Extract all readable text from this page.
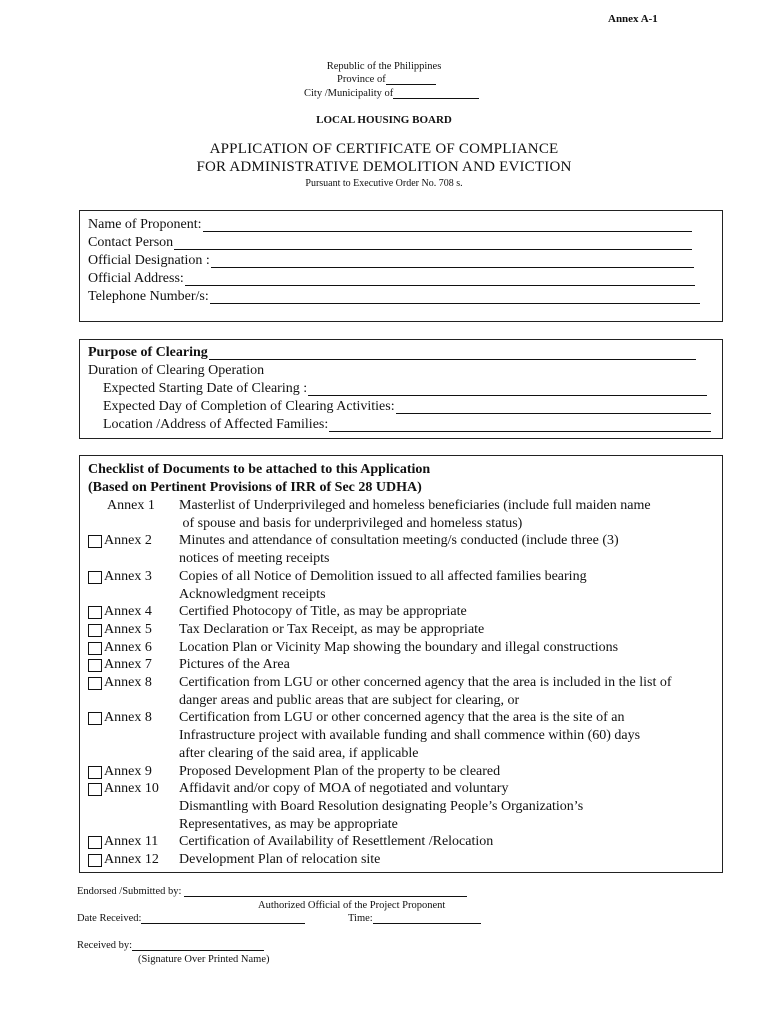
Annex A-1
Republic of the Philippines
Province of
City /Municipality of
LOCAL HOUSING BOARD
APPLICATION OF CERTIFICATE OF COMPLIANCE
FOR ADMINISTRATIVE DEMOLITION AND EVICTION
Pursuant to Executive Order No. 708 s.
Name of Proponent:
Contact Person
Official Designation :
Official Address:
Telephone Number/s:
Purpose of Clearing
Duration of Clearing Operation
Expected Starting Date of Clearing :
Expected Day of Completion of Clearing Activities:
Location /Address of Affected Families:
Checklist of Documents to be attached to this Application
(Based on Pertinent Provisions of IRR of Sec 28 UDHA)
Annex 1 Masterlist of Underprivileged and homeless beneficiaries (include full maiden name
of spouse and basis for underprivileged and homeless status)
Annex 2 Minutes and attendance of consultation meeting/s conducted (include three (3)
notices of meeting receipts
Annex 3 Copies of all Notice of Demolition issued to all affected families bearing
Acknowledgment receipts
Annex 4 Certified Photocopy of Title, as may be appropriate
Annex 5 Tax Declaration or Tax Receipt, as may be appropriate
Annex 6 Location Plan or Vicinity Map showing the boundary and illegal constructions
Annex 7 Pictures of the Area
Annex 8 Certification from LGU or other concerned agency that the area is included in the list of
danger areas and public areas that are subject for clearing, or
Annex 8 Certification from LGU or other concerned agency that the area is the site of an
Infrastructure project with available funding and shall commence within (60) days
after clearing of the said area, if applicable
Annex 9 Proposed Development Plan of the property to be cleared
Annex 10 Affidavit and/or copy of MOA of negotiated and voluntary
Dismantling with Board Resolution designating People’s Organization’s
Representatives, as may be appropriate
Annex 11 Certification of Availability of Resettlement /Relocation
Annex 12 Development Plan of relocation site
Endorsed /Submitted by:
Authorized Official of the Project Proponent
Date Received:	Time:
Received by:
(Signature Over Printed Name)
